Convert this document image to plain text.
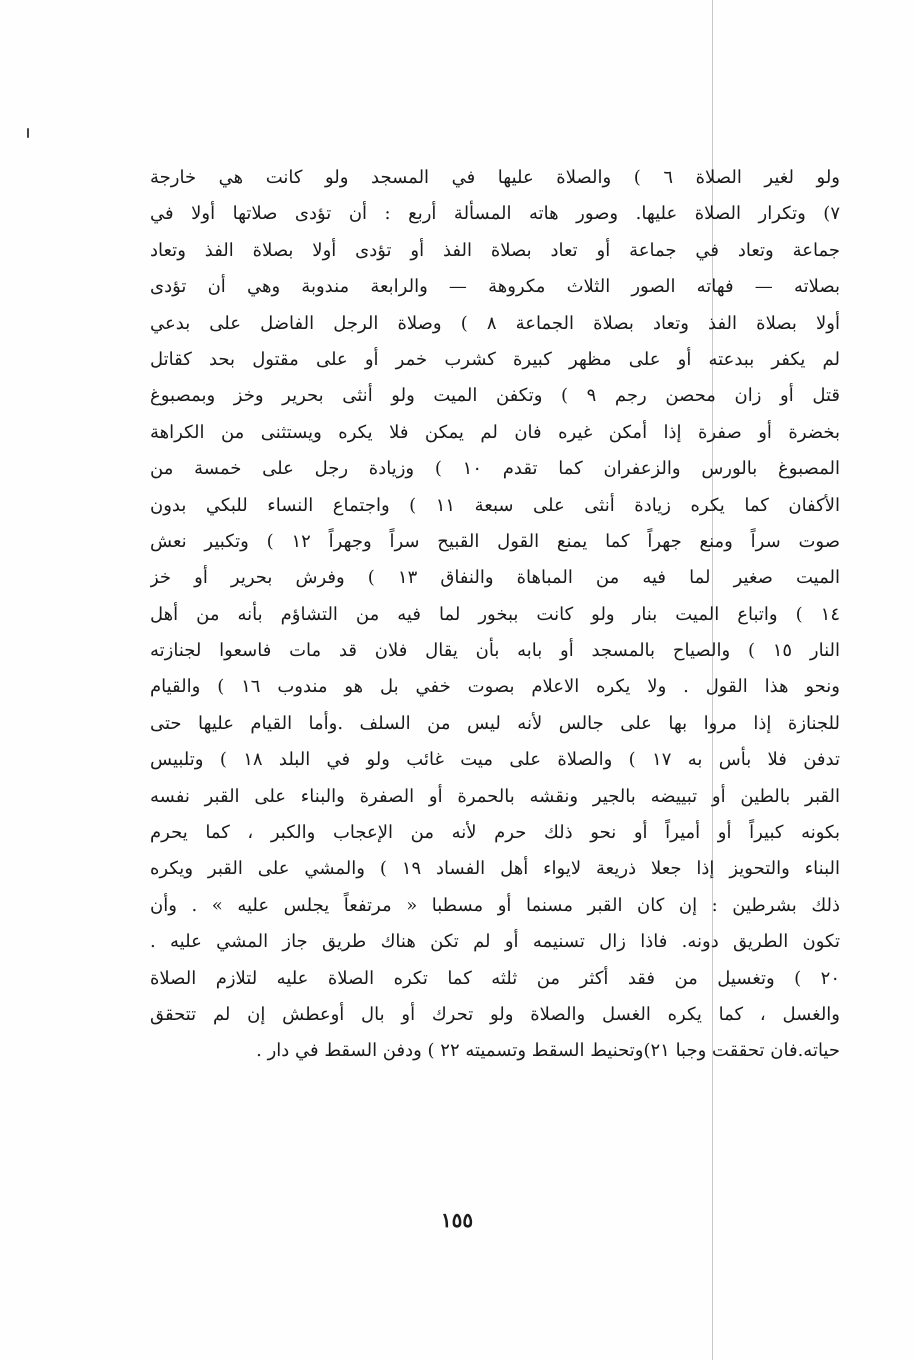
ولو لغير الصلاة ٦ ) والصلاة عليها في المسجد ولو كانت هي خارجة
٧) وتكرار الصلاة عليها. وصور هاته المسألة أربع : أن تؤدى صلاتها أولا في
جماعة وتعاد في جماعة أو تعاد بصلاة الفذ أو تؤدى أولا بصلاة الفذ وتعاد
بصلاته — فهاته الصور الثلاث مكروهة — والرابعة مندوبة وهي أن تؤدى
أولا بصلاة الفذ وتعاد بصلاة الجماعة ٨ ) وصلاة الرجل الفاضل على بدعي
لم يكفر ببدعته أو على مظهر كبيرة كشرب خمر أو على مقتول بحد كقاتل
قتل أو زان محصن رجم ٩ ) وتكفن الميت ولو أنثى بحرير وخز وبمصبوغ
بخضرة أو صفرة إذا أمكن غيره فان لم يمكن فلا يكره ويستثنى من الكراهة
المصبوغ بالورس والزعفران كما تقدم ١٠ ) وزيادة رجل على خمسة من
الأكفان كما يكره زيادة أنثى على سبعة ١١ ) واجتماع النساء للبكي بدون
صوت سراً ومنع جهراً كما يمنع القول القبيح سراً وجهراً ١٢ ) وتكبير نعش
الميت صغير لما فيه من المباهاة والنفاق ١٣ ) وفرش بحرير أو خز
١٤ ) واتباع الميت بنار ولو كانت ببخور لما فيه من التشاؤم بأنه من أهل
النار ١٥ ) والصياح بالمسجد أو بابه بأن يقال فلان قد مات فاسعوا لجنازته
ونحو هذا القول . ولا يكره الاعلام بصوت خفي بل هو مندوب ١٦ ) والقيام
للجنازة إذا مروا بها على جالس لأنه ليس من السلف .وأما القيام عليها حتى
تدفن فلا بأس به ١٧ ) والصلاة على ميت غائب ولو في البلد ١٨ ) وتلبيس
القبر بالطين أو تبييضه بالجير ونقشه بالحمرة أو الصفرة والبناء على القبر نفسه
بكونه كبيراً أو أميراً أو نحو ذلك حرم لأنه من الإعجاب والكبر ، كما يحرم
البناء والتحويز إذا جعلا ذريعة لايواء أهل الفساد ١٩ ) والمشي على القبر ويكره
ذلك بشرطين : إن كان القبر مسنما أو مسطبا « مرتفعاً يجلس عليه » . وأن
تكون الطريق دونه. فاذا زال تسنيمه أو لم تكن هناك طريق جاز المشي عليه .
٢٠ ) وتغسيل من فقد أكثر من ثلثه كما تكره الصلاة عليه لتلازم الصلاة
والغسل ، كما يكره الغسل والصلاة ولو تحرك أو بال أوعطش إن لم تتحقق
حياته.فان تحققت وجبا ٢١)وتحنيط السقط وتسميته ٢٢ ) ودفن السقط في دار .
١٥٥
